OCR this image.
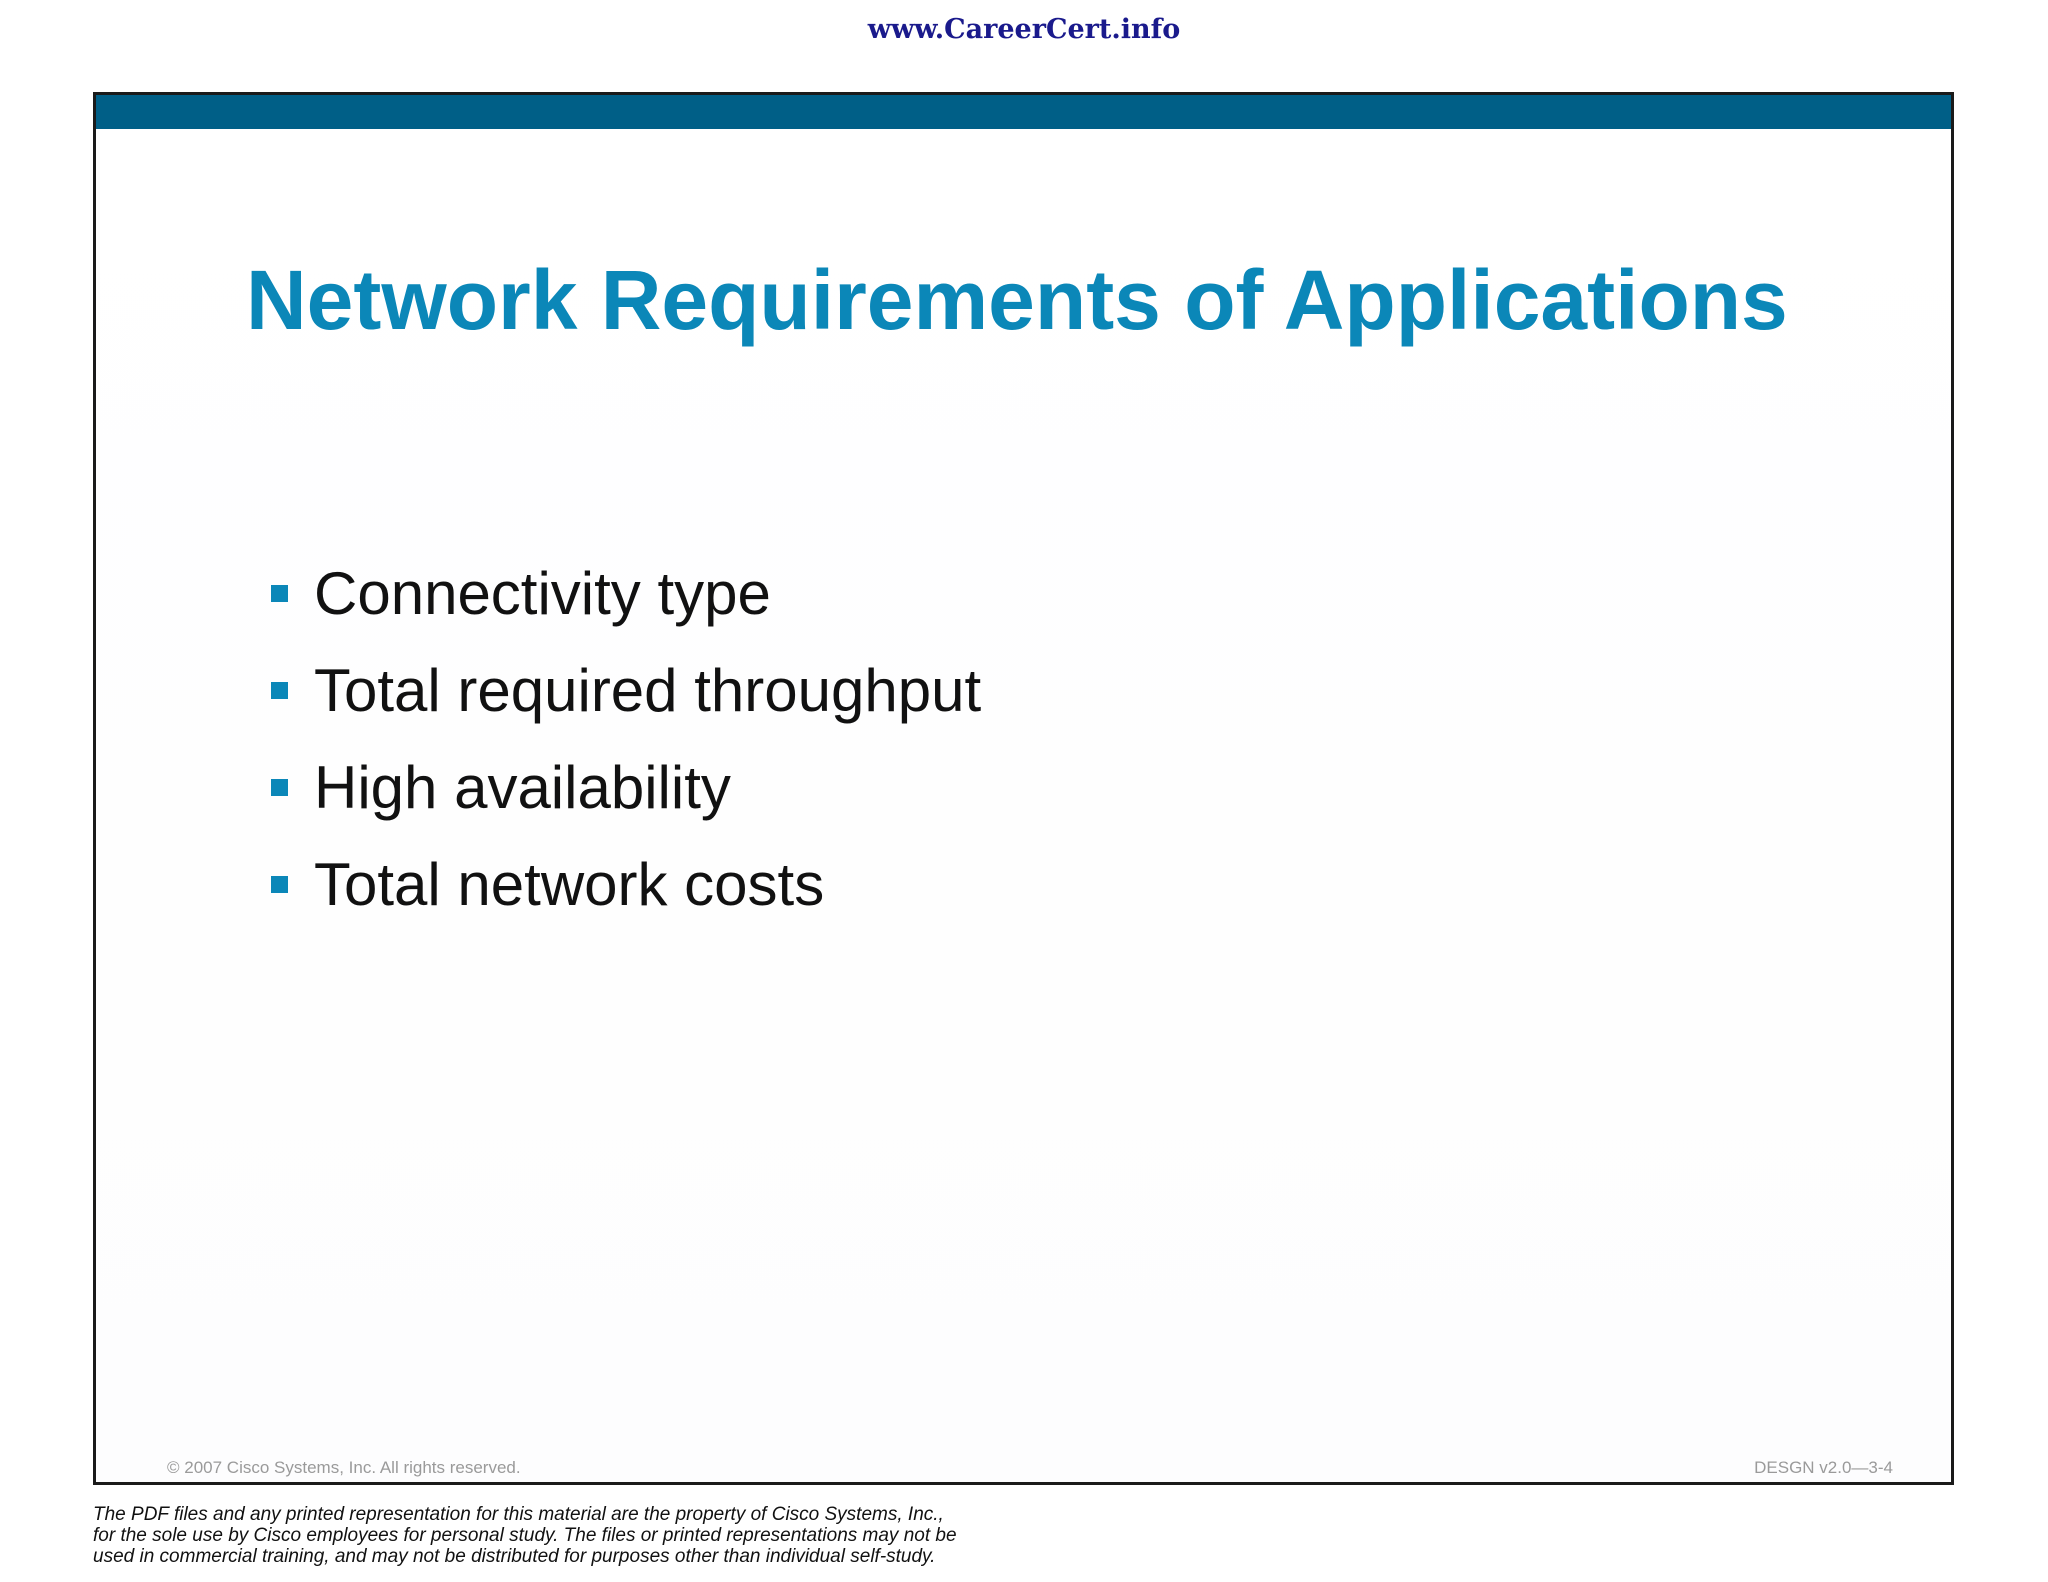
www.CareerCert.info
Network Requirements of Applications
Connectivity type
Total required throughput
High availability
Total network costs
© 2007 Cisco Systems, Inc. All rights reserved.	DESGN v2.0—3-4
The PDF files and any printed representation for this material are the property of Cisco Systems, Inc.,
for the sole use by Cisco employees for personal study. The files or printed representations may not be
used in commercial training, and may not be distributed for purposes other than individual self-study.
